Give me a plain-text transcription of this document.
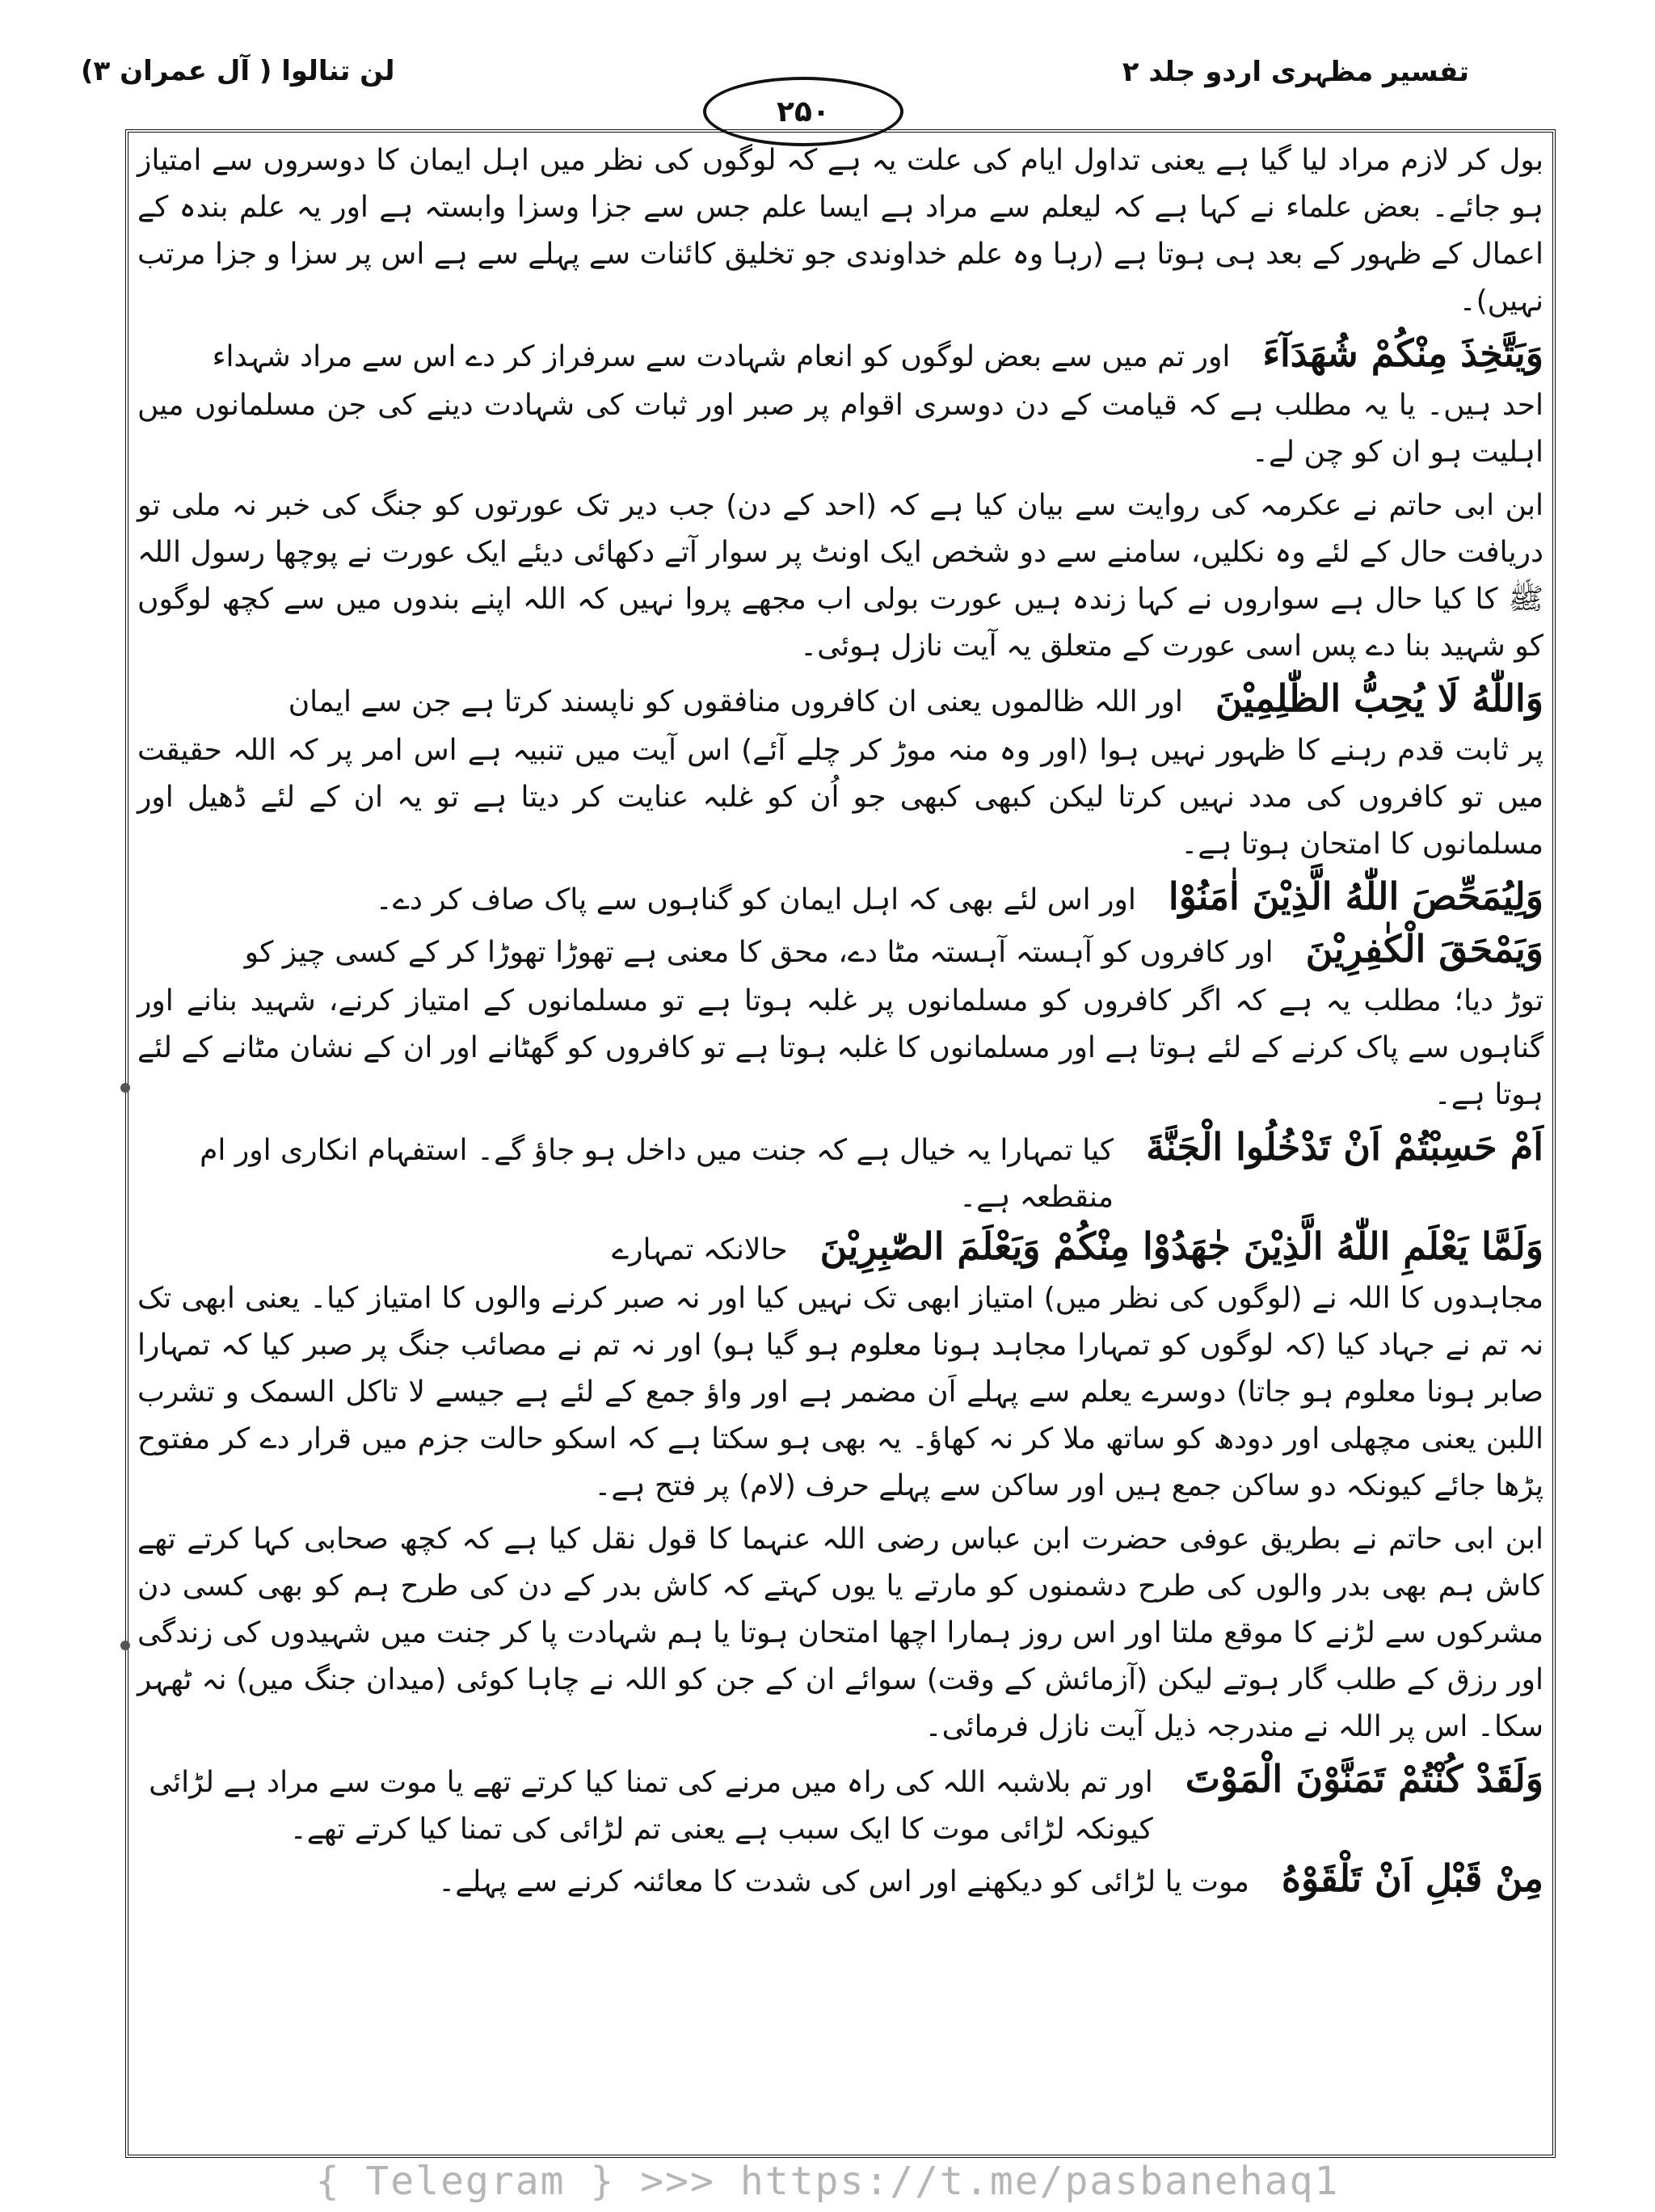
تفسیر مظہری اردو جلد ۲
۲۵۰
لن تنالوا ( آل عمران ۳)

بول کر لازم مراد لیا گیا ہے یعنی تداول ایام کی علت یہ ہے کہ لوگوں کی نظر میں اہل ایمان کا دوسروں سے امتیاز ہو جائے۔ بعض علماء نے کہا ہے کہ لیعلم سے مراد ہے ایسا علم جس سے جزا وسزا وابستہ ہے اور یہ علم بندہ کے اعمال کے ظہور کے بعد ہی ہوتا ہے (رہا وہ علم خداوندی جو تخلیق کائنات سے پہلے سے ہے اس پر سزا و جزا مرتب نہیں)۔

وَيَتَّخِذَ مِنْكُمْ شُهَدَآءَ
اور تم میں سے بعض لوگوں کو انعام شہادت سے سرفراز کر دے اس سے مراد شہداء

احد ہیں۔ یا یہ مطلب ہے کہ قیامت کے دن دوسری اقوام پر صبر اور ثبات کی شہادت دینے کی جن مسلمانوں میں اہلیت ہو ان کو چن لے۔

ابن ابی حاتم نے عکرمہ کی روایت سے بیان کیا ہے کہ (احد کے دن) جب دیر تک عورتوں کو جنگ کی خبر نہ ملی تو دریافت حال کے لئے وہ نکلیں، سامنے سے دو شخص ایک اونٹ پر سوار آتے دکھائی دیئے ایک عورت نے پوچھا رسول اللہ ﷺ کا کیا حال ہے سواروں نے کہا زندہ ہیں عورت بولی اب مجھے پروا نہیں کہ اللہ اپنے بندوں میں سے کچھ لوگوں کو شہید بنا دے پس اسی عورت کے متعلق یہ آیت نازل ہوئی۔

وَاللّٰهُ لَا يُحِبُّ الظّٰلِمِيْنَ
اور اللہ ظالموں یعنی ان کافروں منافقوں کو ناپسند کرتا ہے جن سے ایمان

پر ثابت قدم رہنے کا ظہور نہیں ہوا (اور وہ منہ موڑ کر چلے آئے) اس آیت میں تنبیہ ہے اس امر پر کہ اللہ حقیقت میں تو کافروں کی مدد نہیں کرتا لیکن کبھی کبھی جو اُن کو غلبہ عنایت کر دیتا ہے تو یہ ان کے لئے ڈھیل اور مسلمانوں کا امتحان ہوتا ہے۔

وَلِيُمَحِّصَ اللّٰهُ الَّذِيْنَ اٰمَنُوْا
اور اس لئے بھی کہ اہل ایمان کو گناہوں سے پاک صاف کر دے۔
وَيَمْحَقَ الْكٰفِرِيْنَ
اور کافروں کو آہستہ آہستہ مٹا دے، محق کا معنی ہے تھوڑا تھوڑا کر کے کسی چیز کو

توڑ دیا؛ مطلب یہ ہے کہ اگر کافروں کو مسلمانوں پر غلبہ ہوتا ہے تو مسلمانوں کے امتیاز کرنے، شہید بنانے اور گناہوں سے پاک کرنے کے لئے ہوتا ہے اور مسلمانوں کا غلبہ ہوتا ہے تو کافروں کو گھٹانے اور ان کے نشان مٹانے کے لئے ہوتا ہے۔

اَمْ حَسِبْتُمْ اَنْ تَدْخُلُوا الْجَنَّةَ
کیا تمہارا یہ خیال ہے کہ جنت میں داخل ہو جاؤ گے۔ استفہام انکاری اور ام منقطعہ ہے۔
وَلَمَّا يَعْلَمِ اللّٰهُ الَّذِيْنَ جٰهَدُوْا مِنْكُمْ وَيَعْلَمَ الصّٰبِرِيْنَ
حالانکہ تمہارے

مجاہدوں کا اللہ نے (لوگوں کی نظر میں) امتیاز ابھی تک نہیں کیا اور نہ صبر کرنے والوں کا امتیاز کیا۔ یعنی ابھی تک نہ تم نے جہاد کیا (کہ لوگوں کو تمہارا مجاہد ہونا معلوم ہو گیا ہو) اور نہ تم نے مصائب جنگ پر صبر کیا کہ تمہارا صابر ہونا معلوم ہو جاتا) دوسرے یعلم سے پہلے اَن مضمر ہے اور واؤ جمع کے لئے ہے جیسے لا تاکل السمک و تشرب اللبن یعنی مچھلی اور دودھ کو ساتھ ملا کر نہ کھاؤ۔ یہ بھی ہو سکتا ہے کہ اسکو حالت جزم میں قرار دے کر مفتوح پڑھا جائے کیونکہ دو ساکن جمع ہیں اور ساکن سے پہلے حرف (لام) پر فتح ہے۔

ابن ابی حاتم نے بطریق عوفی حضرت ابن عباس رضی اللہ عنہما کا قول نقل کیا ہے کہ کچھ صحابی کہا کرتے تھے کاش ہم بھی بدر والوں کی طرح دشمنوں کو مارتے یا یوں کہتے کہ کاش بدر کے دن کی طرح ہم کو بھی کسی دن مشرکوں سے لڑنے کا موقع ملتا اور اس روز ہمارا اچھا امتحان ہوتا یا ہم شہادت پا کر جنت میں شہیدوں کی زندگی اور رزق کے طلب گار ہوتے لیکن (آزمائش کے وقت) سوائے ان کے جن کو اللہ نے چاہا کوئی (میدان جنگ میں) نہ ٹھہر سکا۔ اس پر اللہ نے مندرجہ ذیل آیت نازل فرمائی۔

وَلَقَدْ كُنْتُمْ تَمَنَّوْنَ الْمَوْتَ
اور تم بلاشبہ اللہ کی راہ میں مرنے کی تمنا کیا کرتے تھے یا موت سے مراد ہے لڑائی کیونکہ لڑائی موت کا ایک سبب ہے یعنی تم لڑائی کی تمنا کیا کرتے تھے۔
مِنْ قَبْلِ اَنْ تَلْقَوْهُ
موت یا لڑائی کو دیکھنے اور اس کی شدت کا معائنہ کرنے سے پہلے۔
{ Telegram } >>> https://t.me/pasbanehaq1
